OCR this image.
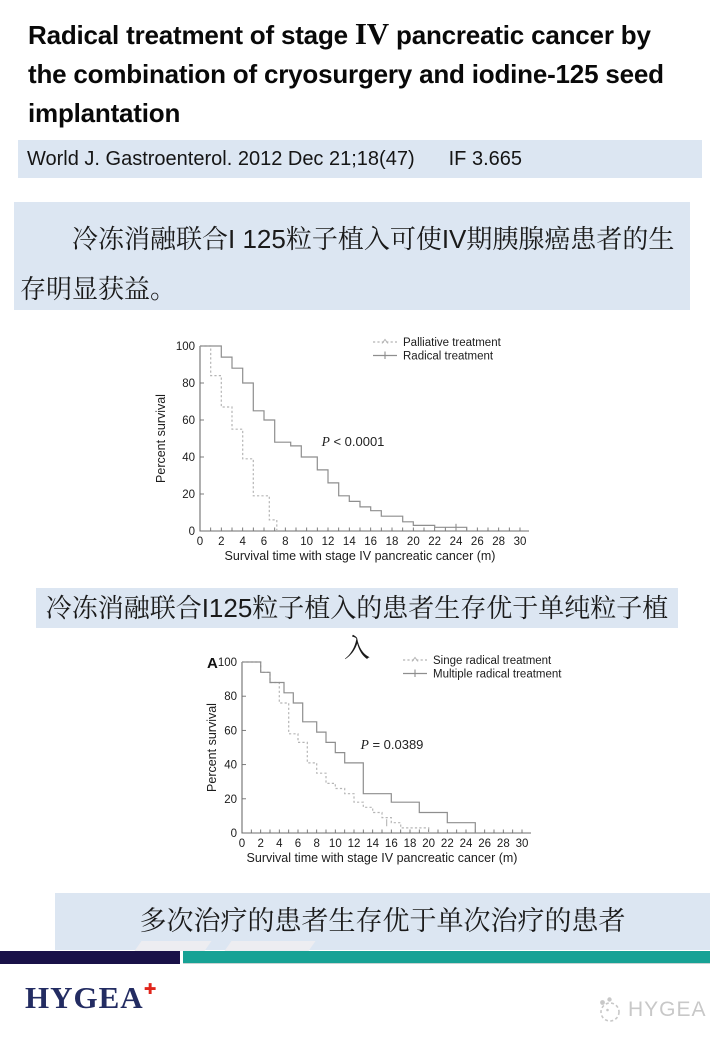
Radical treatment of stage IV pancreatic cancer by the combination of cryosurgery and iodine-125 seed implantation
World J. Gastroenterol. 2012 Dec 21;18(47) IF 3.665
冷冻消融联合I 125粒子植入可使IV期胰腺癌患者的生存明显获益。
0 2 4 6 8 10 12 14 16 18 20 22 24 26 28 30
0
20
40
60
80
100
Survival time with stage IV pancreatic cancer (m)
Percent survival	P < 0.0001
Palliative treatment
Radical treatment
冷冻消融联合I125粒子植入的患者生存优于单纯粒子植入
0 2 4 6 8 10 12 14 16 18 20 22 24 26 28 30
0
20
40
60
80
100
Survival time with stage IV pancreatic cancer (m)
Percent survival
A
P = 0.0389
Singe radical treatment
Multiple radical treatment
多次治疗的患者生存优于单次治疗的患者
HYGEA✚
HYGEA
